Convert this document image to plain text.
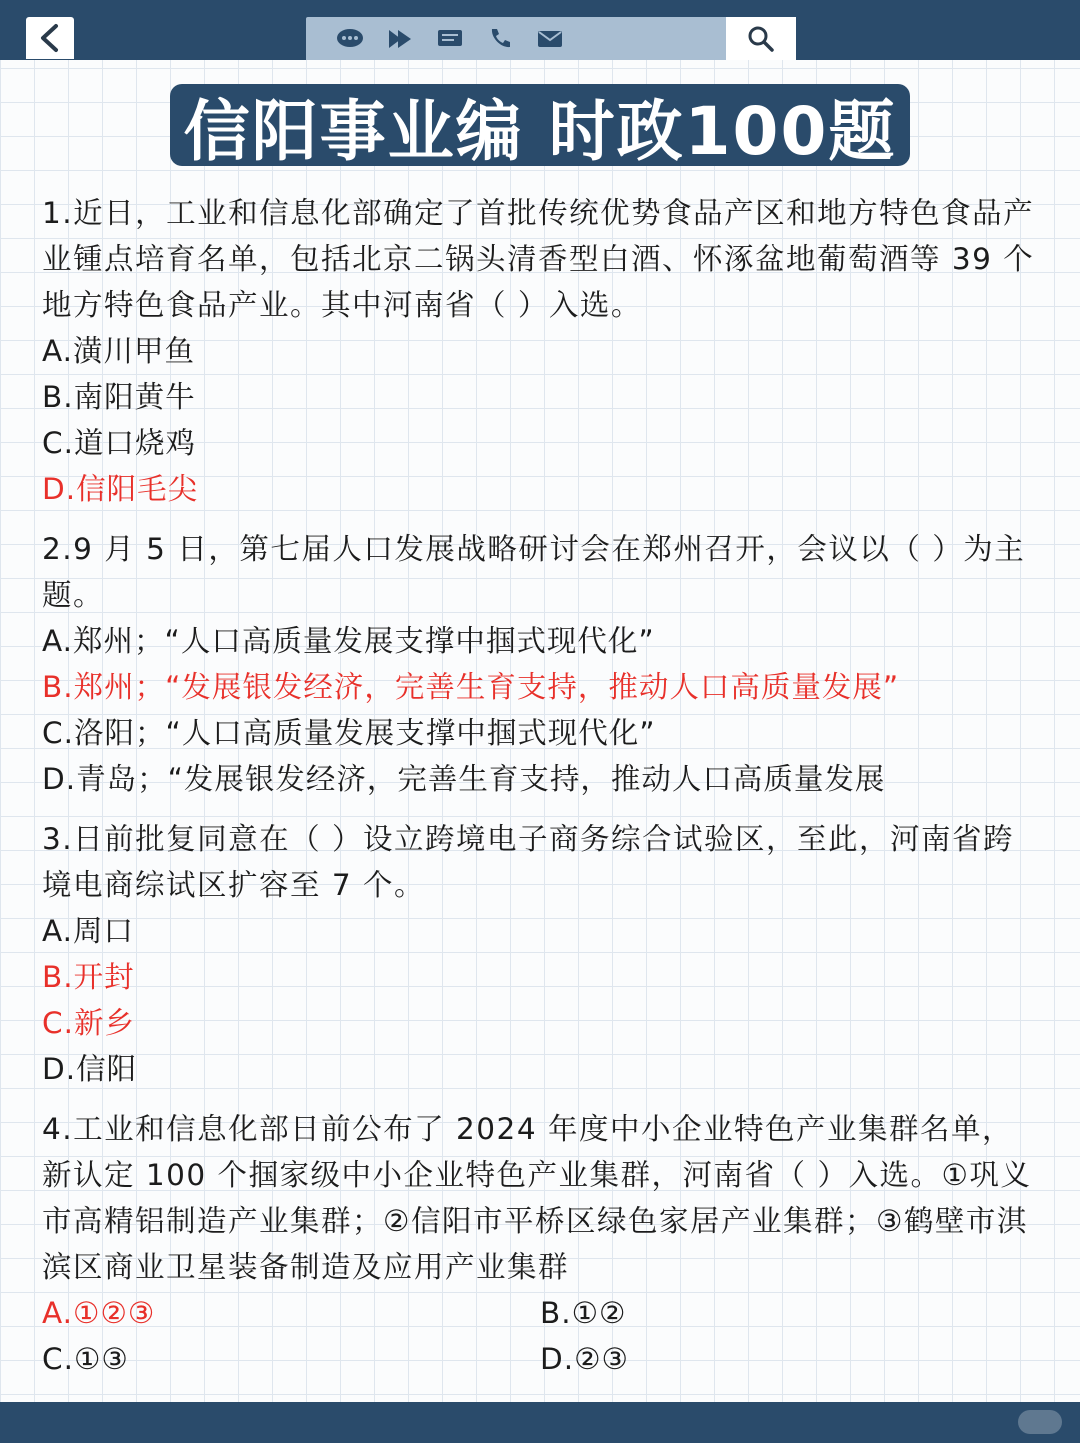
信阳事业编 时政100题

1.近日，工业和信息化部确定了首批传统优势食品产区和地方特色食品产业锺点培育名单，包括北京二锅头清香型白酒、怀涿盆地葡萄酒等 39 个地方特色食品产业。其中河南省（ ）入选。

A.潢川甲鱼

B.南阳黄牛

C.道口烧鸡

D.信阳毛尖

2.9 月 5 日，第七届人口发展战略研讨会在郑州召开，会议以（ ）为主题。

A.郑州；“人口高质量发展支撑中掴式现代化”

B.郑州；“发展银发经济，完善生育支持，推动人口高质量发展”

C.洛阳；“人口高质量发展支撑中掴式现代化”

D.青岛；“发展银发经济，完善生育支持，推动人口高质量发展

3.日前批复同意在（ ）设立跨境电子商务综合试验区，至此，河南省跨境电商综试区扩容至 7 个。

A.周口

B.开封

C.新乡

D.信阳

4.工业和信息化部日前公布了 2024 年度中小企业特色产业集群名单，新认定 100 个掴家级中小企业特色产业集群，河南省（ ）入选。①巩义市高精铝制造产业集群；②信阳市平桥区绿色家居产业集群；③鹤壁市淇滨区商业卫星装备制造及应用产业集群

A.①②③	B.①②

C.①③	D.②③
